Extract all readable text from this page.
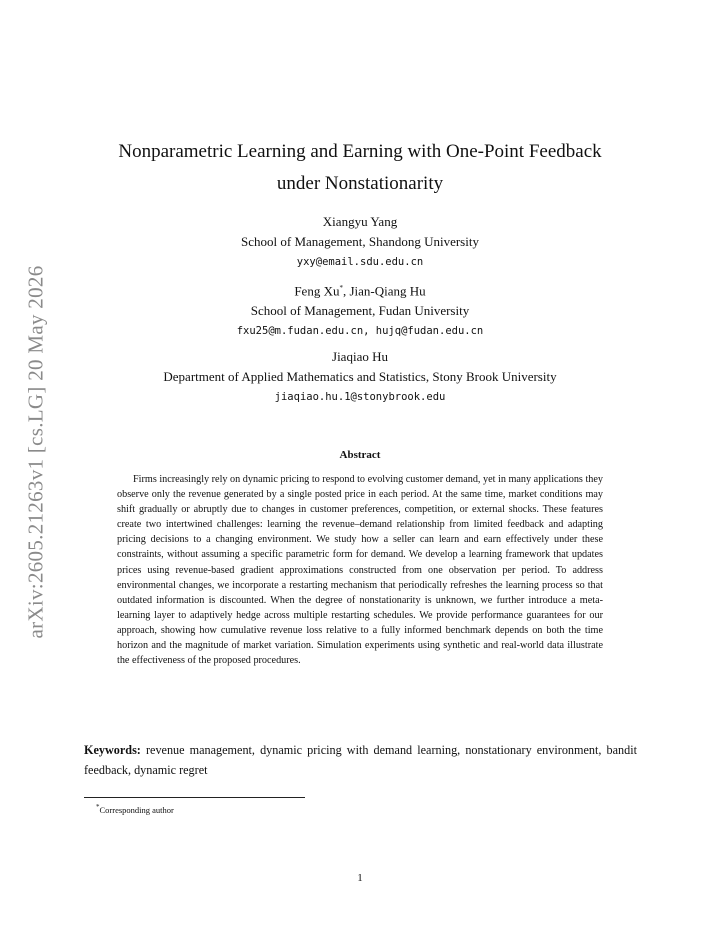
arXiv:2605.21263v1 [cs.LG] 20 May 2026
Nonparametric Learning and Earning with One-Point Feedback
under Nonstationarity
Xiangyu Yang
School of Management, Shandong University
yxy@email.sdu.edu.cn
Feng Xu*, Jian-Qiang Hu
School of Management, Fudan University
fxu25@m.fudan.edu.cn, hujq@fudan.edu.cn
Jiaqiao Hu
Department of Applied Mathematics and Statistics, Stony Brook University
jiaqiao.hu.1@stonybrook.edu
Abstract
Firms increasingly rely on dynamic pricing to respond to evolving customer demand, yet in many applications they observe only the revenue generated by a single posted price in each period. At the same time, market conditions may shift gradually or abruptly due to changes in customer preferences, competition, or external shocks. These features create two intertwined challenges: learning the revenue–demand relationship from limited feedback and adapting pricing decisions to a changing environment. We study how a seller can learn and earn effectively under these constraints, without assuming a specific parametric form for demand. We develop a learning framework that updates prices using revenue-based gradient approximations constructed from one observation per period. To address environmental changes, we incorporate a restarting mechanism that periodically refreshes the learning process so that outdated information is discounted. When the degree of nonstationarity is unknown, we further introduce a meta-learning layer to adaptively hedge across multiple restarting schedules. We provide performance guarantees for our approach, showing how cumulative revenue loss relative to a fully informed benchmark depends on both the time horizon and the magnitude of market variation. Simulation experiments using synthetic and real-world data illustrate the effectiveness of the proposed procedures.
Keywords: revenue management, dynamic pricing with demand learning, nonstationary environment, bandit feedback, dynamic regret
*Corresponding author
1
